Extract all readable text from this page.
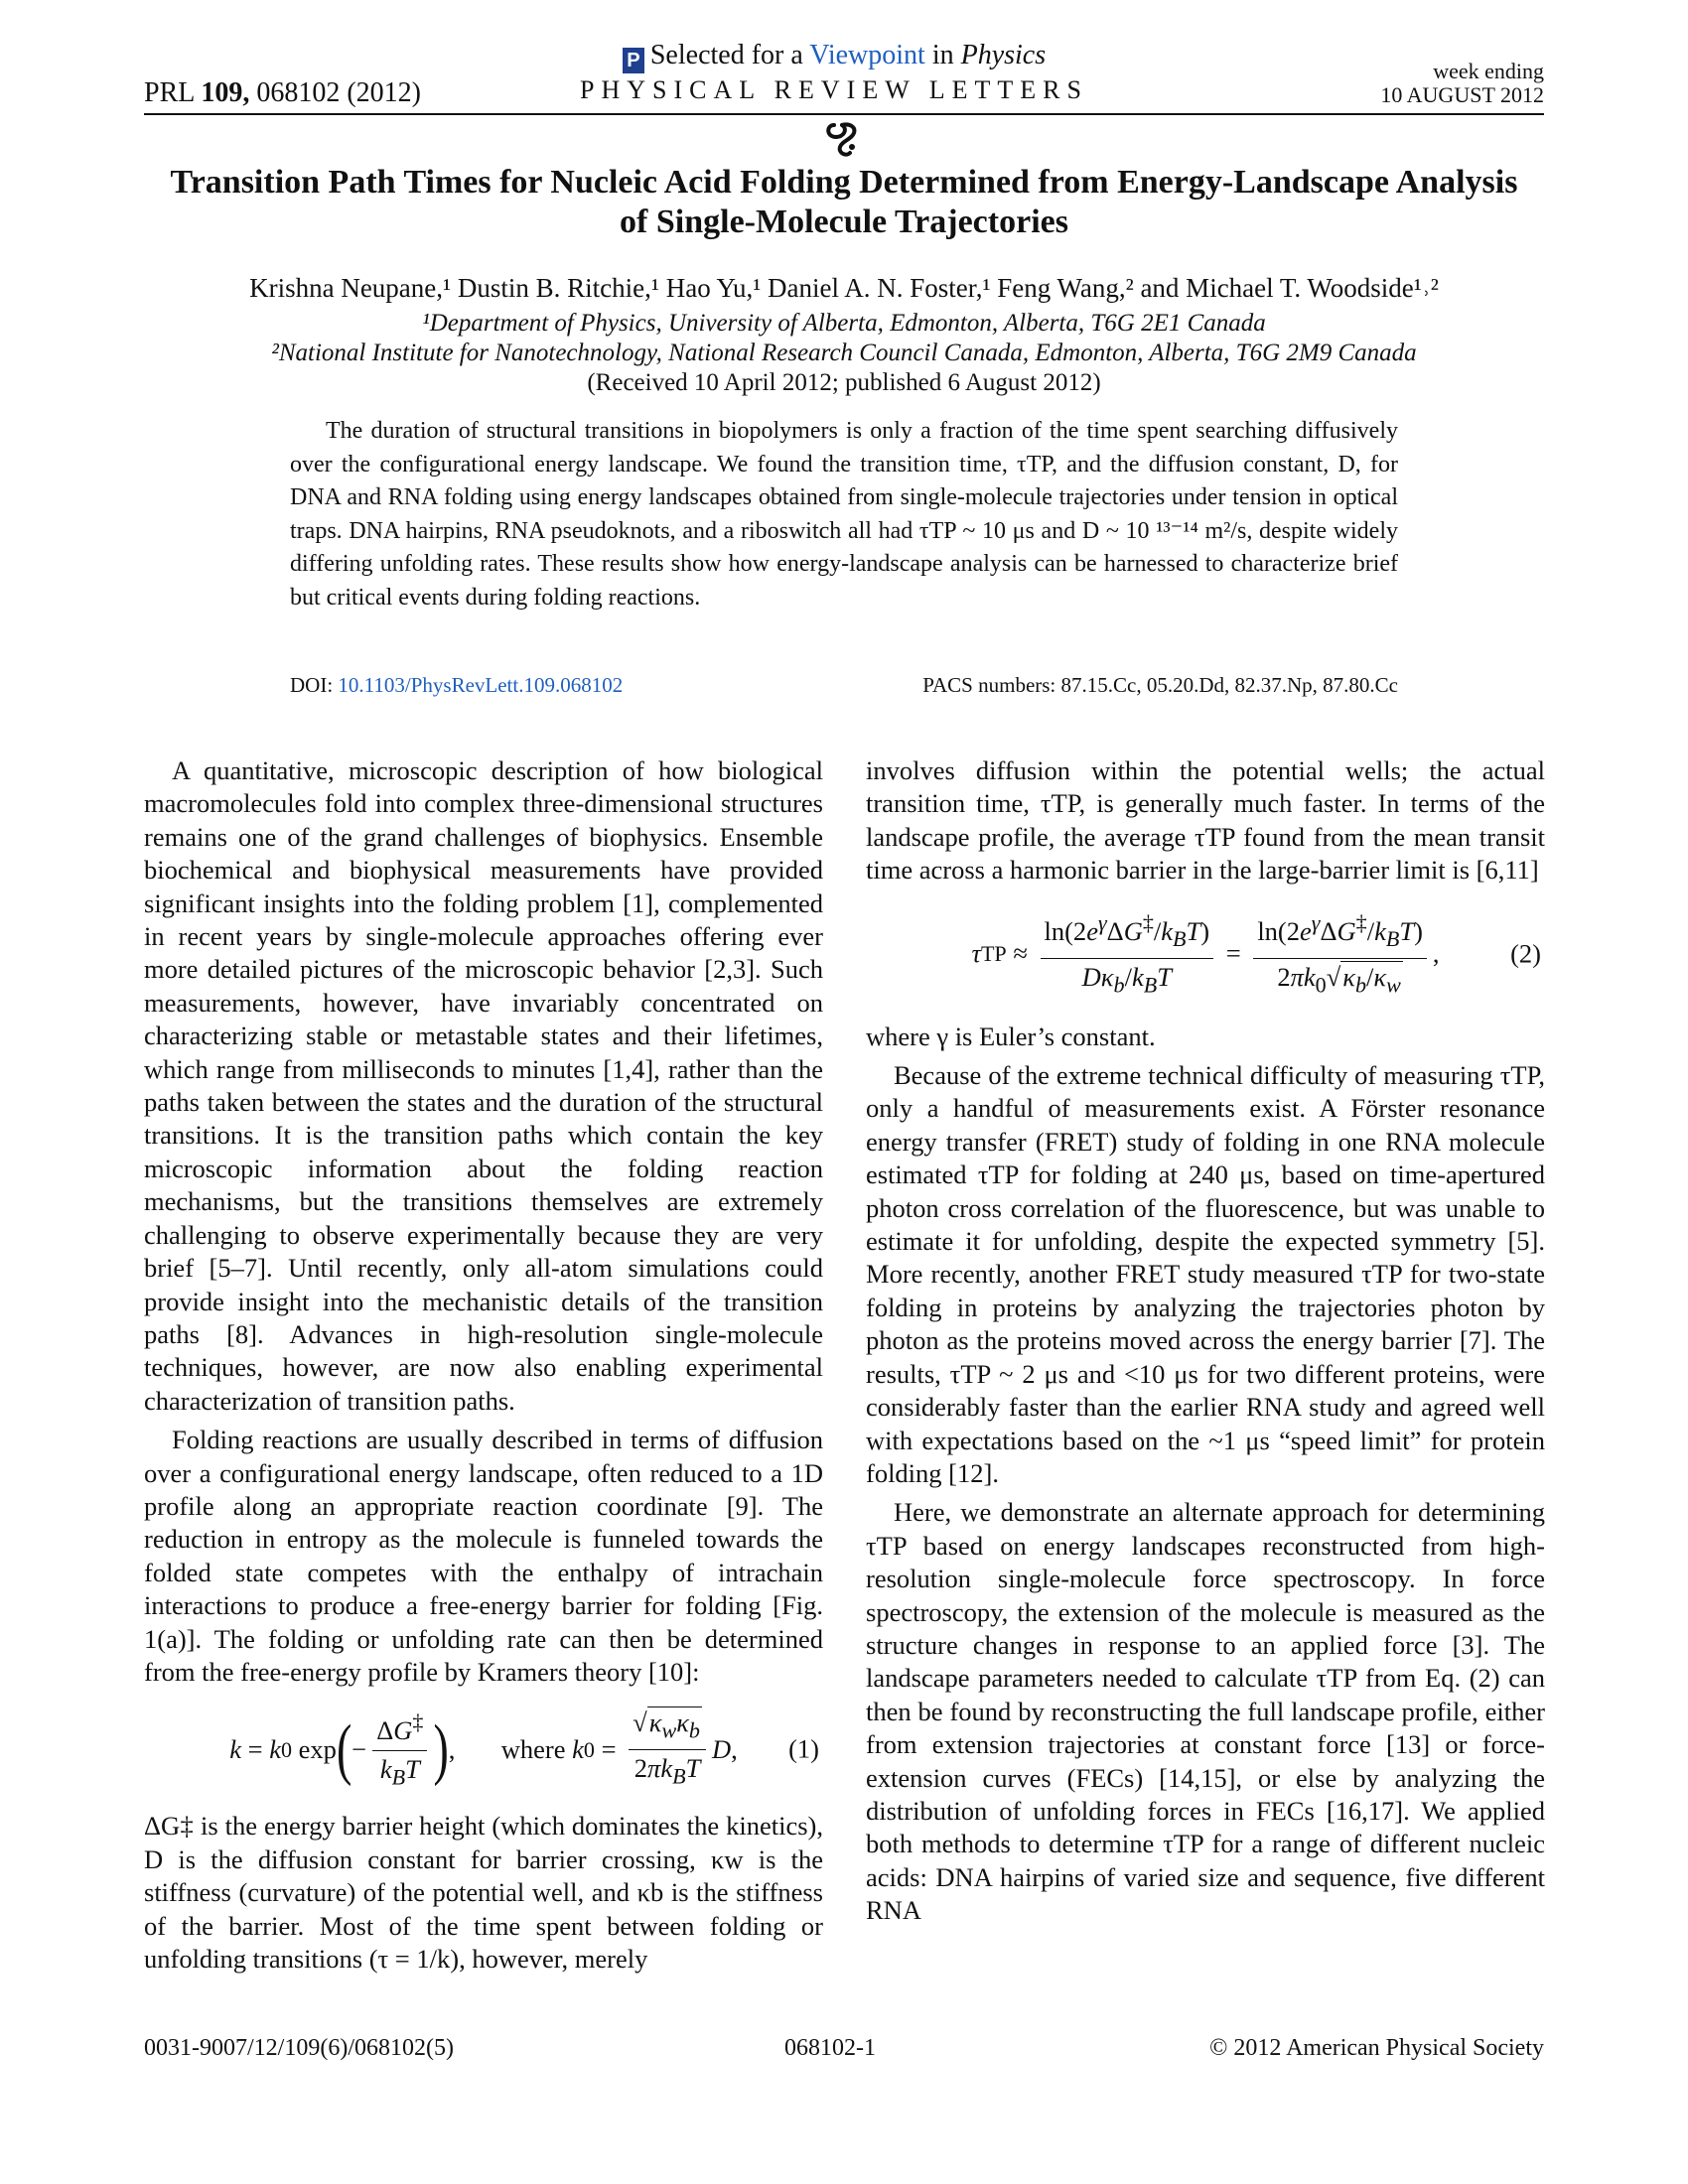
PRL 109, 068102 (2012)
P Selected for a Viewpoint in Physics
PHYSICAL REVIEW LETTERS
week ending
10 AUGUST 2012
Transition Path Times for Nucleic Acid Folding Determined from Energy-Landscape Analysis
of Single-Molecule Trajectories
Krishna Neupane,¹ Dustin B. Ritchie,¹ Hao Yu,¹ Daniel A. N. Foster,¹ Feng Wang,² and Michael T. Woodside¹˒²
¹Department of Physics, University of Alberta, Edmonton, Alberta, T6G 2E1 Canada
²National Institute for Nanotechnology, National Research Council Canada, Edmonton, Alberta, T6G 2M9 Canada
(Received 10 April 2012; published 6 August 2012)
The duration of structural transitions in biopolymers is only a fraction of the time spent searching diffusively over the configurational energy landscape. We found the transition time, τTP, and the diffusion constant, D, for DNA and RNA folding using energy landscapes obtained from single-molecule trajectories under tension in optical traps. DNA hairpins, RNA pseudoknots, and a riboswitch all had τTP ~ 10 μs and D ~ 10 ¹³⁻¹⁴ m²/s, despite widely differing unfolding rates. These results show how energy-landscape analysis can be harnessed to characterize brief but critical events during folding reactions.
DOI: 10.1103/PhysRevLett.109.068102	PACS numbers: 87.15.Cc, 05.20.Dd, 82.37.Np, 87.80.Cc

A quantitative, microscopic description of how biological macromolecules fold into complex three-dimensional structures remains one of the grand challenges of biophysics. Ensemble biochemical and biophysical measurements have provided significant insights into the folding problem [1], complemented in recent years by single-molecule approaches offering ever more detailed pictures of the microscopic behavior [2,3]. Such measurements, however, have invariably concentrated on characterizing stable or metastable states and their lifetimes, which range from milliseconds to minutes [1,4], rather than the paths taken between the states and the duration of the structural transitions. It is the transition paths which contain the key microscopic information about the folding reaction mechanisms, but the transitions themselves are extremely challenging to observe experimentally because they are very brief [5–7]. Until recently, only all-atom simulations could provide insight into the mechanistic details of the transition paths [8]. Advances in high-resolution single-molecule techniques, however, are now also enabling experimental characterization of transition paths.

Folding reactions are usually described in terms of diffusion over a configurational energy landscape, often reduced to a 1D profile along an appropriate reaction coordinate [9]. The reduction in entropy as the molecule is funneled towards the folded state competes with the enthalpy of intrachain interactions to produce a free-energy barrier for folding [Fig. 1(a)]. The folding or unfolding rate can then be determined from the free-energy profile by Kramers theory [10]:

k = k 0 exp ( − $\frac{\Delta G^\ddagger}{k_BT}$ ) ,       where k $0 = \frac{√\kappa_w\kappa_b}{2\pi k_BT}$ D , (1)

ΔG‡ is the energy barrier height (which dominates the kinetics), D is the diffusion constant for barrier crossing, κw is the stiffness (curvature) of the potential well, and κb is the stiffness of the barrier. Most of the time spent between folding or unfolding transitions (τ = 1/k), however, merely

involves diffusion within the potential wells; the actual transition time, τTP, is generally much faster. In terms of the landscape profile, the average τTP found from the mean transit time across a harmonic barrier in the large-barrier limit is [6,11]

τ TP ≈ $\frac{\ln(2e^\gamma\Delta G^\ddagger/k_BT)}{D\kappa_b/k_BT} = \frac{\ln(2e^\gamma\Delta G^\ddagger/k_BT)}{2\pi k_0√\kappa_b/\kappa_w}$ ,	(2)

where γ is Euler’s constant.

Because of the extreme technical difficulty of measuring τTP, only a handful of measurements exist. A Förster resonance energy transfer (FRET) study of folding in one RNA molecule estimated τTP for folding at 240 μs, based on time-apertured photon cross correlation of the fluorescence, but was unable to estimate it for unfolding, despite the expected symmetry [5]. More recently, another FRET study measured τTP for two-state folding in proteins by analyzing the trajectories photon by photon as the proteins moved across the energy barrier [7]. The results, τTP ~ 2 μs and <10 μs for two different proteins, were considerably faster than the earlier RNA study and agreed well with expectations based on the ~1 μs “speed limit” for protein folding [12].

Here, we demonstrate an alternate approach for determining τTP based on energy landscapes reconstructed from high-resolution single-molecule force spectroscopy. In force spectroscopy, the extension of the molecule is measured as the structure changes in response to an applied force [3]. The landscape parameters needed to calculate τTP from Eq. (2) can then be found by reconstructing the full landscape profile, either from extension trajectories at constant force [13] or force-extension curves (FECs) [14,15], or else by analyzing the distribution of unfolding forces in FECs [16,17]. We applied both methods to determine τTP for a range of different nucleic acids: DNA hairpins of varied size and sequence, five different RNA

0031-9007/12/109(6)/068102(5)	068102-1	© 2012 American Physical Society
